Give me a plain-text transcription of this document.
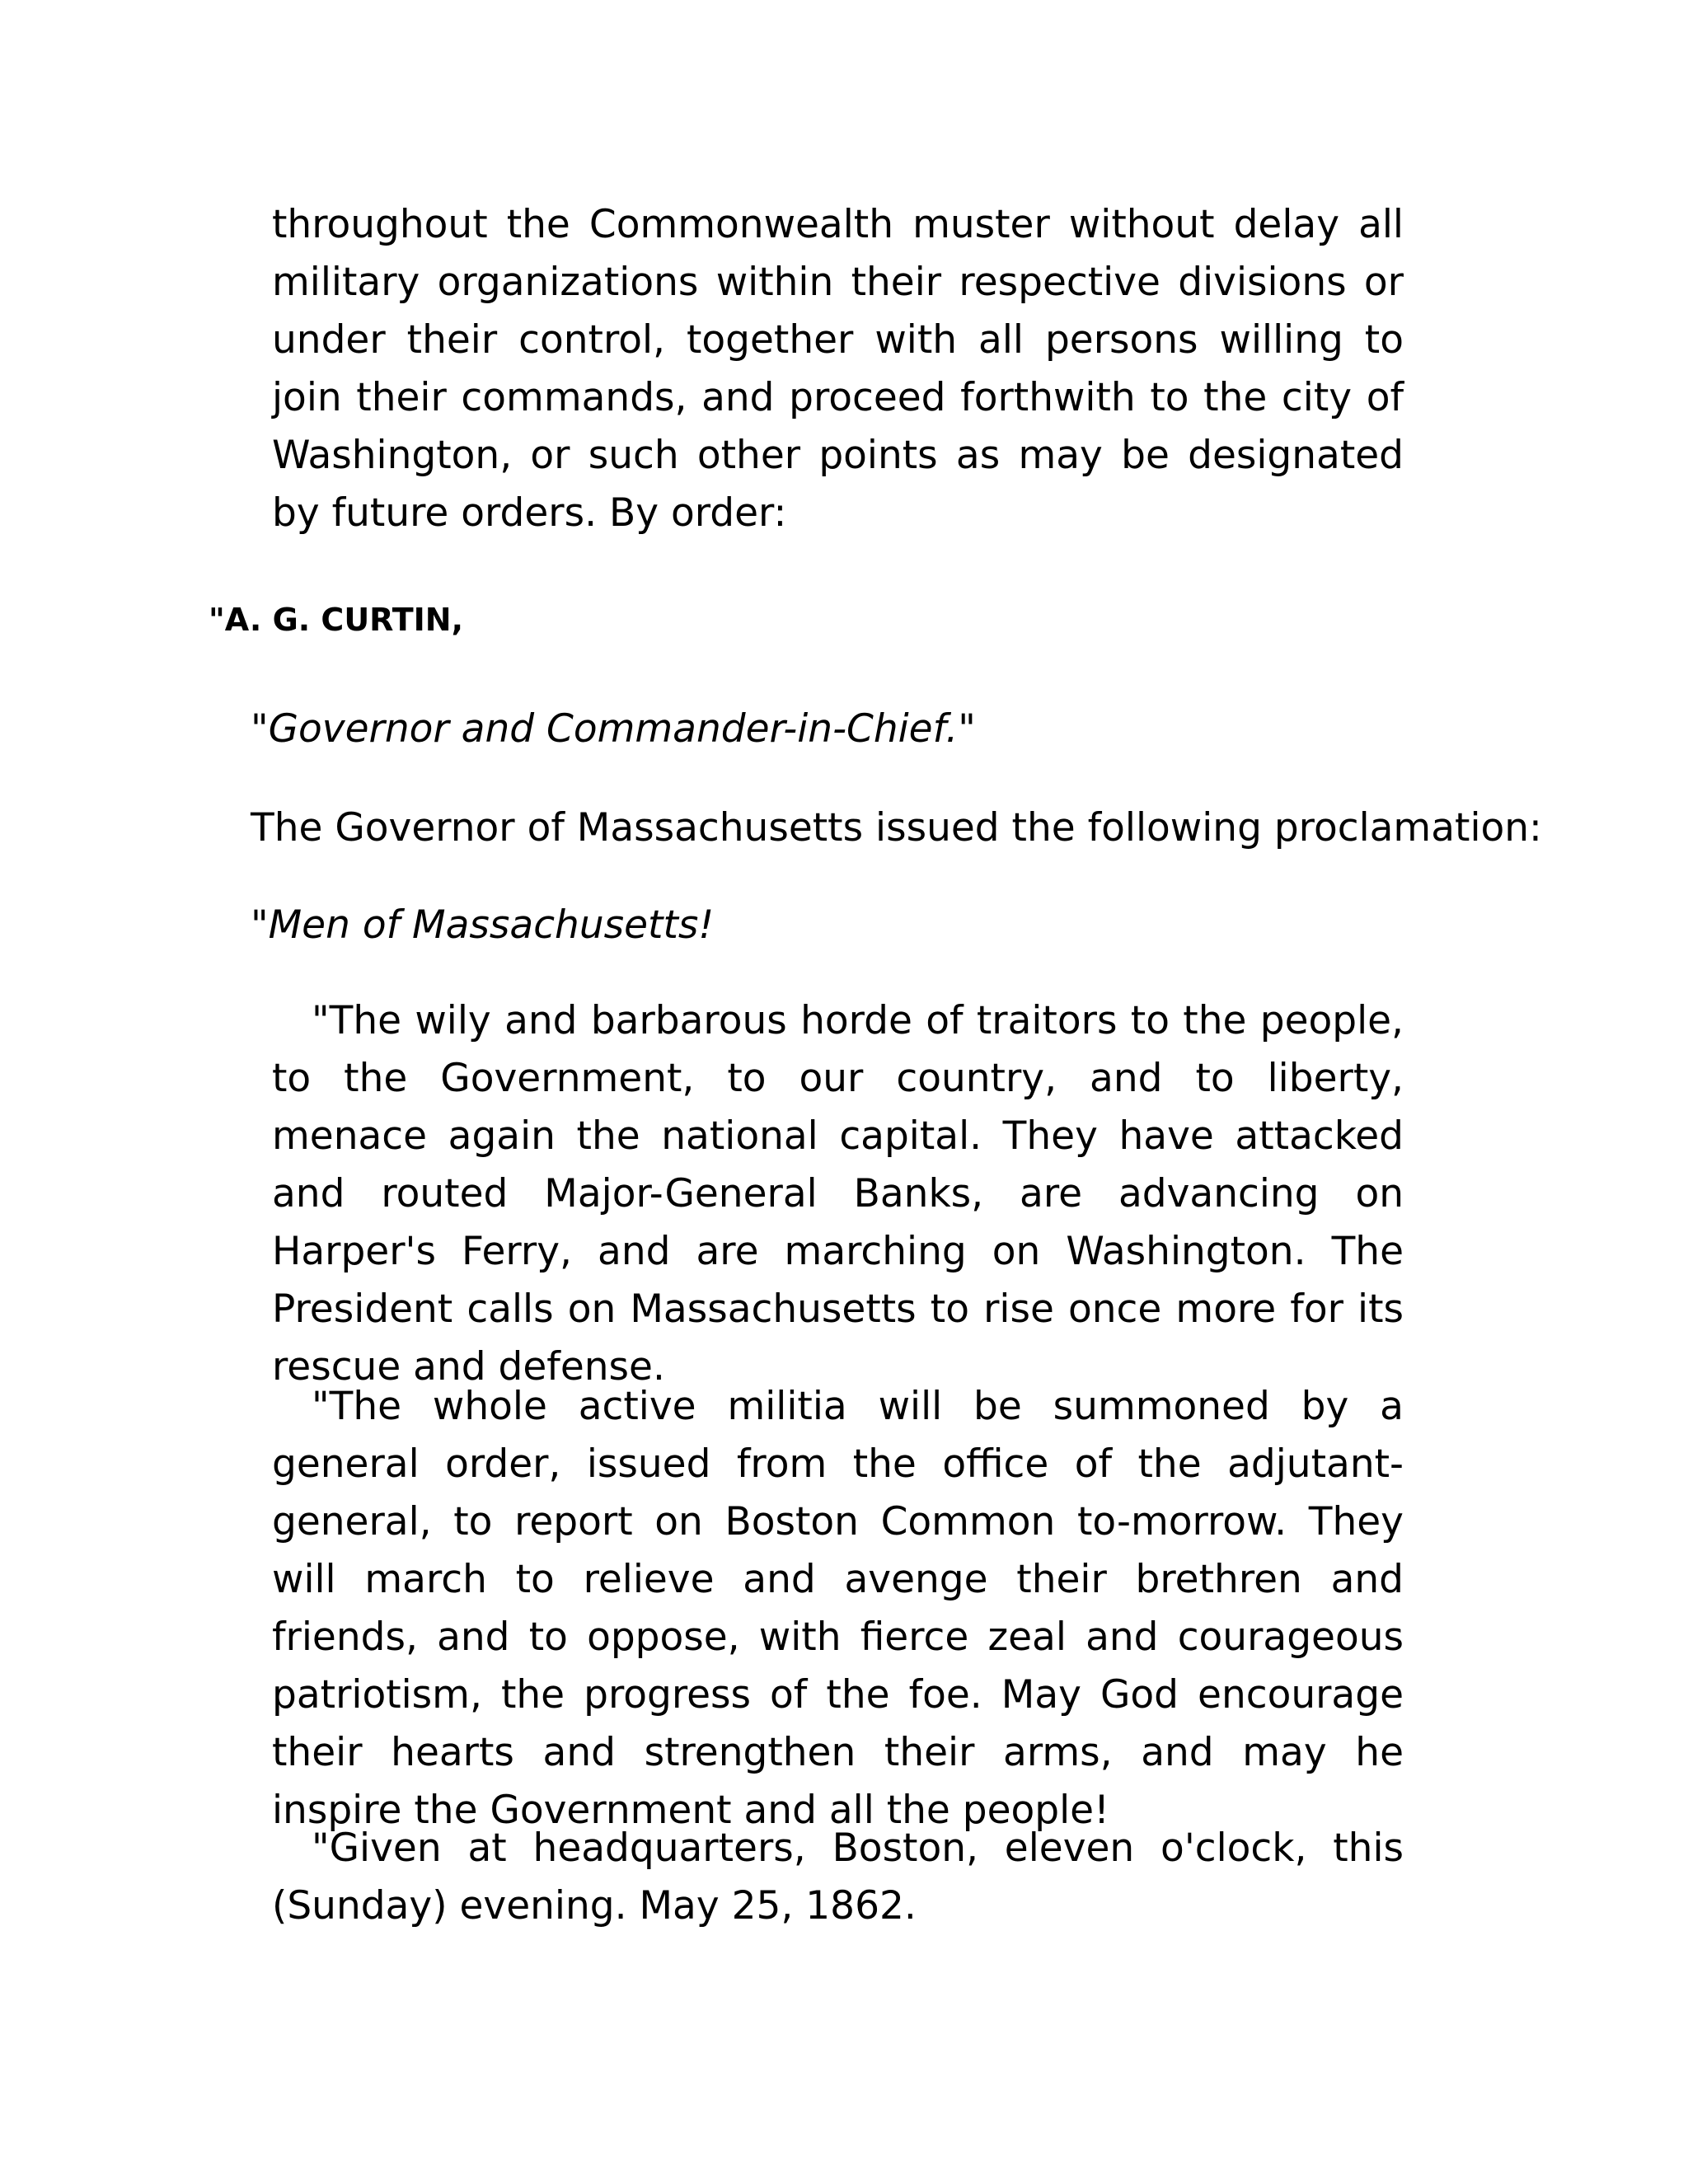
throughout the Commonwealth muster without delay all military organizations within their respective divisions or under their control, together with all persons willing to join their commands, and proceed forthwith to the city of Washington, or such other points as may be designated by future orders. By order:

"A. G. CURTIN,

"Governor and Commander-in-Chief."

The Governor of Massachusetts issued the following proclamation:

"Men of Massachusetts!

"The wily and barbarous horde of traitors to the people, to the Government, to our country, and to liberty, menace again the national capital. They have attacked and routed Major-General Banks, are advancing on Harper's Ferry, and are marching on Washington. The President calls on Massachusetts to rise once more for its rescue and defense.

"The whole active militia will be summoned by a general order, issued from the office of the adjutant-general, to report on Boston Common to-morrow. They will march to relieve and avenge their brethren and friends, and to oppose, with fierce zeal and courageous patriotism, the progress of the foe. May God encourage their hearts and strengthen their arms, and may he inspire the Government and all the people!

"Given at headquarters, Boston, eleven o'clock, this (Sunday) evening. May 25, 1862.
